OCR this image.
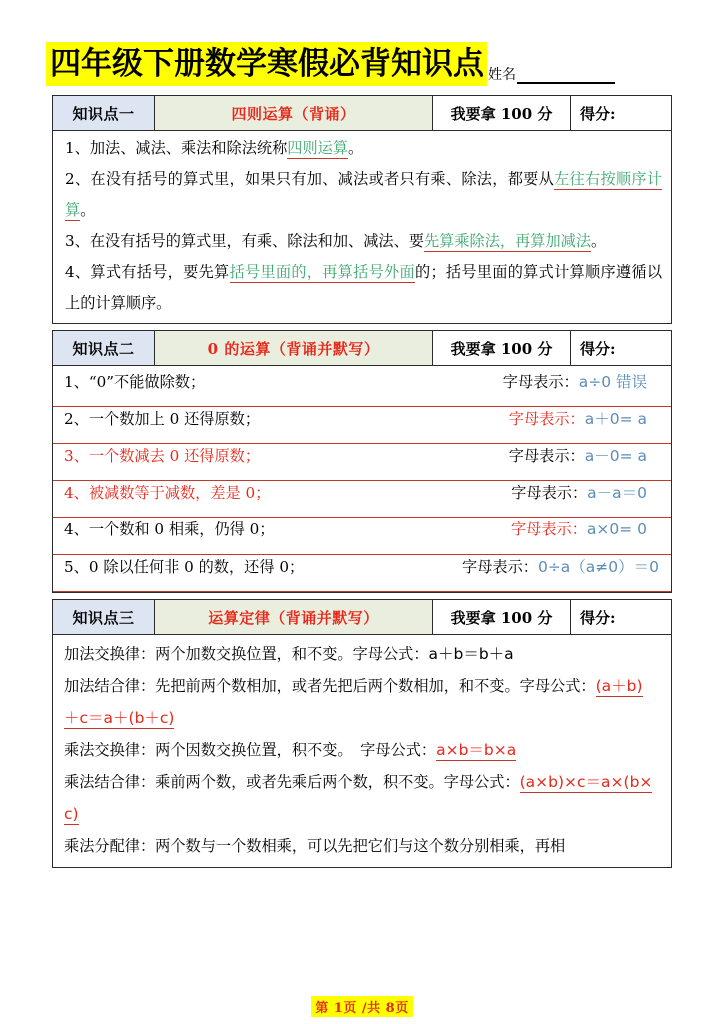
四年级下册数学寒假必背知识点 姓名
知识点一	四则运算（背诵）	我要拿 100 分	得分:
1、加法、减法、乘法和除法统称四则运算。
2、在没有括号的算式里，如果只有加、减法或者只有乘、除法，都要从左往右按顺序计算。
3、在没有括号的算式里，有乘、除法和加、减法、要先算乘除法，再算加减法。
4、算式有括号，要先算括号里面的，再算括号外面的；括号里面的算式计算顺序遵循以上的计算顺序。
知识点二	0 的运算（背诵并默写）	我要拿 100 分	得分:
1、“0”不能做除数；	字母表示：a÷0 错误
2、一个数加上 0 还得原数；	字母表示：a＋0= a
3、一个数减去 0 还得原数；	字母表示：a－0= a
4、被减数等于减数，差是 0；	字母表示：a－a＝0
4、一个数和 0 相乘，仍得 0；	字母表示：a×0= 0
5、0 除以任何非 0 的数，还得 0；	字母表示：0÷a（a≠0）＝0
知识点三	运算定律（背诵并默写）	我要拿 100 分	得分:
加法交换律：两个加数交换位置，和不变。字母公式：a＋b＝b＋a
加法结合律：先把前两个数相加，或者先把后两个数相加，和不变。字母公式：(a＋b) ＋c＝a＋(b＋c)
乘法交换律：两个因数交换位置，积不变。　字母公式：a×b＝b×a
乘法结合律：乘前两个数，或者先乘后两个数，积不变。字母公式：(a×b)×c＝a×(b×c)
乘法分配律：两个数与一个数相乘，可以先把它们与这个数分别相乘，再相
第 1页 /共 8页
